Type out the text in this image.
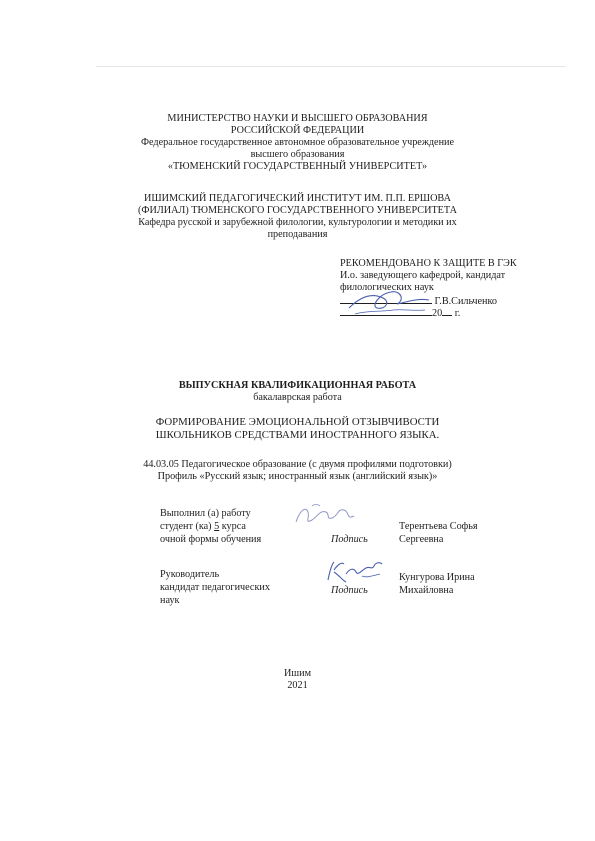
МИНИСТЕРСТВО НАУКИ И ВЫСШЕГО ОБРАЗОВАНИЯ
РОССИЙСКОЙ ФЕДЕРАЦИИ
Федеральное государственное автономное образовательное учреждение
высшего образования
«ТЮМЕНСКИЙ ГОСУДАРСТВЕННЫЙ УНИВЕРСИТЕТ»
ИШИМСКИЙ ПЕДАГОГИЧЕСКИЙ ИНСТИТУТ ИМ. П.П. ЕРШОВА
(ФИЛИАЛ) ТЮМЕНСКОГО ГОСУДАРСТВЕННОГО УНИВЕРСИТЕТА
Кафедра русской и зарубежной филологии, культурологии и методики их
преподавания
РЕКОМЕНДОВАНО К ЗАЩИТЕ В ГЭК
И.о. заведующего кафедрой, кандидат
филологических наук
Г.В.Сильченко
20 г.
ВЫПУСКНАЯ КВАЛИФИКАЦИОННАЯ РАБОТА
бакалаврская работа
ФОРМИРОВАНИЕ ЭМОЦИОНАЛЬНОЙ ОТЗЫВЧИВОСТИ
ШКОЛЬНИКОВ СРЕДСТВАМИ ИНОСТРАННОГО ЯЗЫКА.
44.03.05 Педагогическое образование (с двумя профилями подготовки)
Профиль «Русский язык; иностранный язык (английский язык)»
Выполнил (а) работу
студент (ка) 5 курса
очной формы обучения	Подпись
Терентьева Софья
Сергеевна
Руководитель
кандидат педагогических
наук
Подпись
Кунгурова Ирина
Михайловна
Ишим
2021
